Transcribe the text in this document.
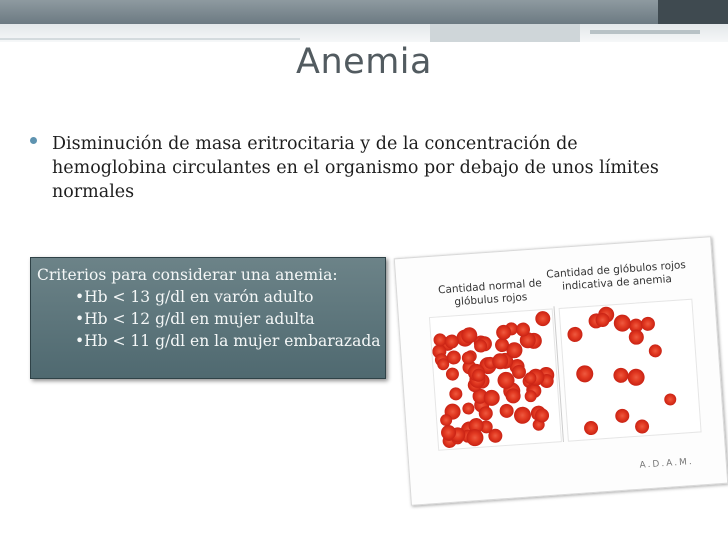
Anemia
Disminución de masa eritrocitaria y de la concentración de hemoglobina circulantes en el organismo por debajo de unos límites normales
Criterios para considerar una anemia:
•Hb < 13 g/dl en varón adulto
•Hb < 12 g/dl en mujer adulta
•Hb < 11 g/dl en la mujer embarazada
Cantidad normal de glóbulus rojos
Cantidad de glóbulos rojos indicativa de anemia
A.D.A.M.
